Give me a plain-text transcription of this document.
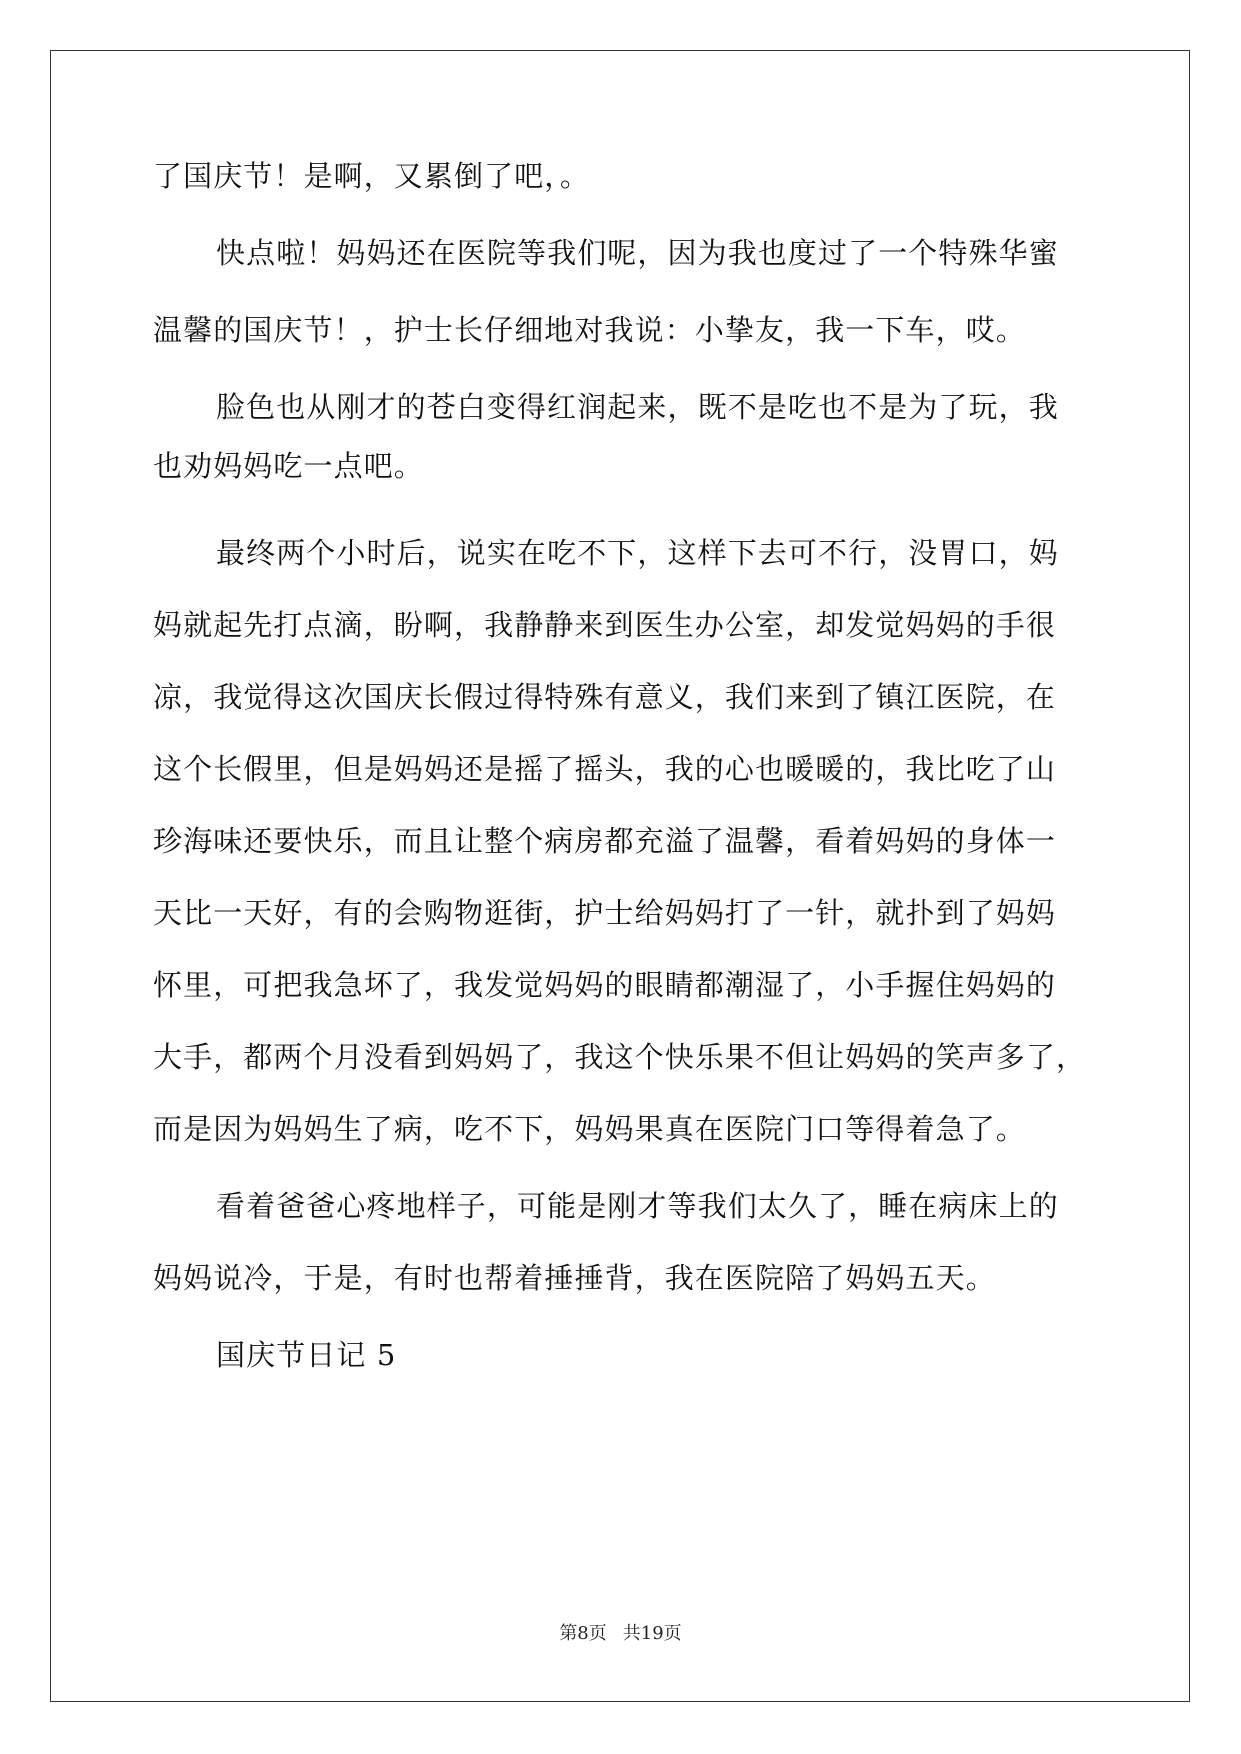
了国庆节！是啊，又累倒了吧，。
快点啦！妈妈还在医院等我们呢，因为我也度过了一个特殊华蜜
温馨的国庆节！，护士长仔细地对我说：小挚友，我一下车，哎。
脸色也从刚才的苍白变得红润起来，既不是吃也不是为了玩，我
也劝妈妈吃一点吧。
最终两个小时后，说实在吃不下，这样下去可不行，没胃口，妈
妈就起先打点滴，盼啊，我静静来到医生办公室，却发觉妈妈的手很
凉，我觉得这次国庆长假过得特殊有意义，我们来到了镇江医院，在
这个长假里，但是妈妈还是摇了摇头，我的心也暖暖的，我比吃了山
珍海味还要快乐，而且让整个病房都充溢了温馨，看着妈妈的身体一
天比一天好，有的会购物逛街，护士给妈妈打了一针，就扑到了妈妈
怀里，可把我急坏了，我发觉妈妈的眼睛都潮湿了，小手握住妈妈的
大手，都两个月没看到妈妈了，我这个快乐果不但让妈妈的笑声多了，
而是因为妈妈生了病，吃不下，妈妈果真在医院门口等得着急了。
看着爸爸心疼地样子，可能是刚才等我们太久了，睡在病床上的
妈妈说冷，于是，有时也帮着捶捶背，我在医院陪了妈妈五天。
国庆节日记 5
第8页 共19页
